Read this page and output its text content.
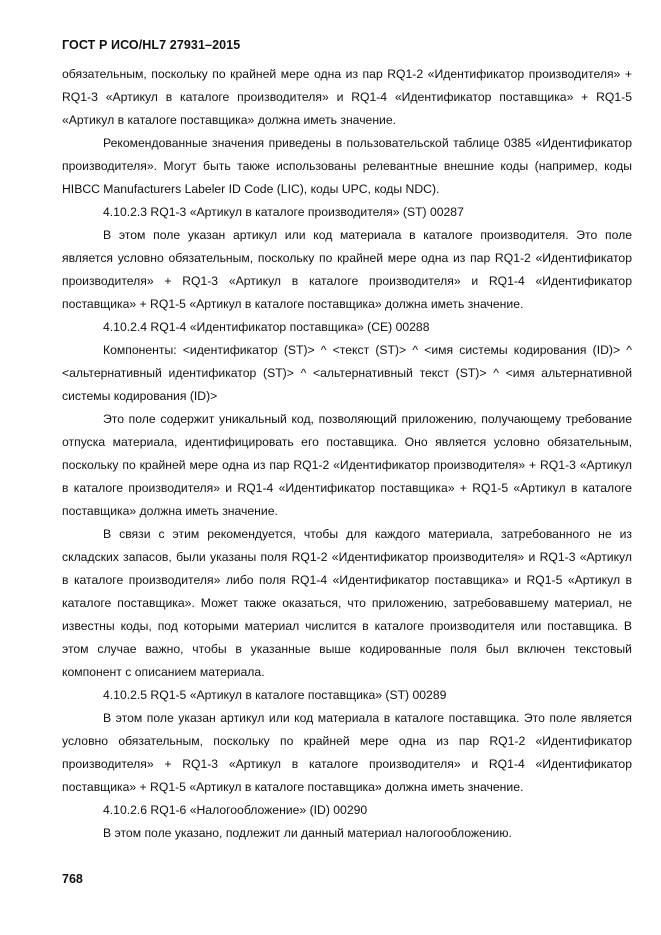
ГОСТ Р ИСО/HL7 27931–2015

обязательным, поскольку по крайней мере одна из пар RQ1-2 «Идентификатор производителя» + RQ1-3 «Артикул в каталоге производителя» и RQ1-4 «Идентификатор поставщика» + RQ1-5 «Артикул в каталоге поставщика» должна иметь значение.

Рекомендованные значения приведены в пользовательской таблице 0385 «Идентификатор производителя». Могут быть также использованы релевантные внешние коды (например, коды HIBCC Manufacturers Labeler ID Code (LIC), коды UPC, коды NDC).

4.10.2.3 RQ1-3 «Артикул в каталоге производителя» (ST) 00287

В этом поле указан артикул или код материала в каталоге производителя. Это поле является условно обязательным, поскольку по крайней мере одна из пар RQ1-2 «Идентификатор производителя» + RQ1-3 «Артикул в каталоге производителя» и RQ1-4 «Идентификатор поставщика» + RQ1-5 «Артикул в каталоге поставщика» должна иметь значение.

4.10.2.4 RQ1-4 «Идентификатор поставщика» (CE) 00288

Компоненты: <идентификатор (ST)> ^ <текст (ST)> ^ <имя системы кодирования (ID)> ^ <альтернативный идентификатор (ST)> ^ <альтернативный текст (ST)> ^ <имя альтернативной системы кодирования (ID)>

Это поле содержит уникальный код, позволяющий приложению, получающему требование отпуска материала, идентифицировать его поставщика. Оно является условно обязательным, поскольку по крайней мере одна из пар RQ1-2 «Идентификатор производителя» + RQ1-3 «Артикул в каталоге производителя» и RQ1-4 «Идентификатор поставщика» + RQ1-5 «Артикул в каталоге поставщика» должна иметь значение.

В связи с этим рекомендуется, чтобы для каждого материала, затребованного не из складских запасов, были указаны поля RQ1-2 «Идентификатор производителя» и RQ1-3 «Артикул в каталоге производителя» либо поля RQ1-4 «Идентификатор поставщика» и RQ1-5 «Артикул в каталоге поставщика». Может также оказаться, что приложению, затребовавшему материал, не известны коды, под которыми материал числится в каталоге производителя или поставщика. В этом случае важно, чтобы в указанные выше кодированные поля был включен текстовый компонент с описанием материала.

4.10.2.5 RQ1-5 «Артикул в каталоге поставщика» (ST) 00289

В этом поле указан артикул или код материала в каталоге поставщика. Это поле является условно обязательным, поскольку по крайней мере одна из пар RQ1-2 «Идентификатор производителя» + RQ1-3 «Артикул в каталоге производителя» и RQ1-4 «Идентификатор поставщика» + RQ1-5 «Артикул в каталоге поставщика» должна иметь значение.

4.10.2.6 RQ1-6 «Налогообложение» (ID) 00290

В этом поле указано, подлежит ли данный материал налогообложению.

768
